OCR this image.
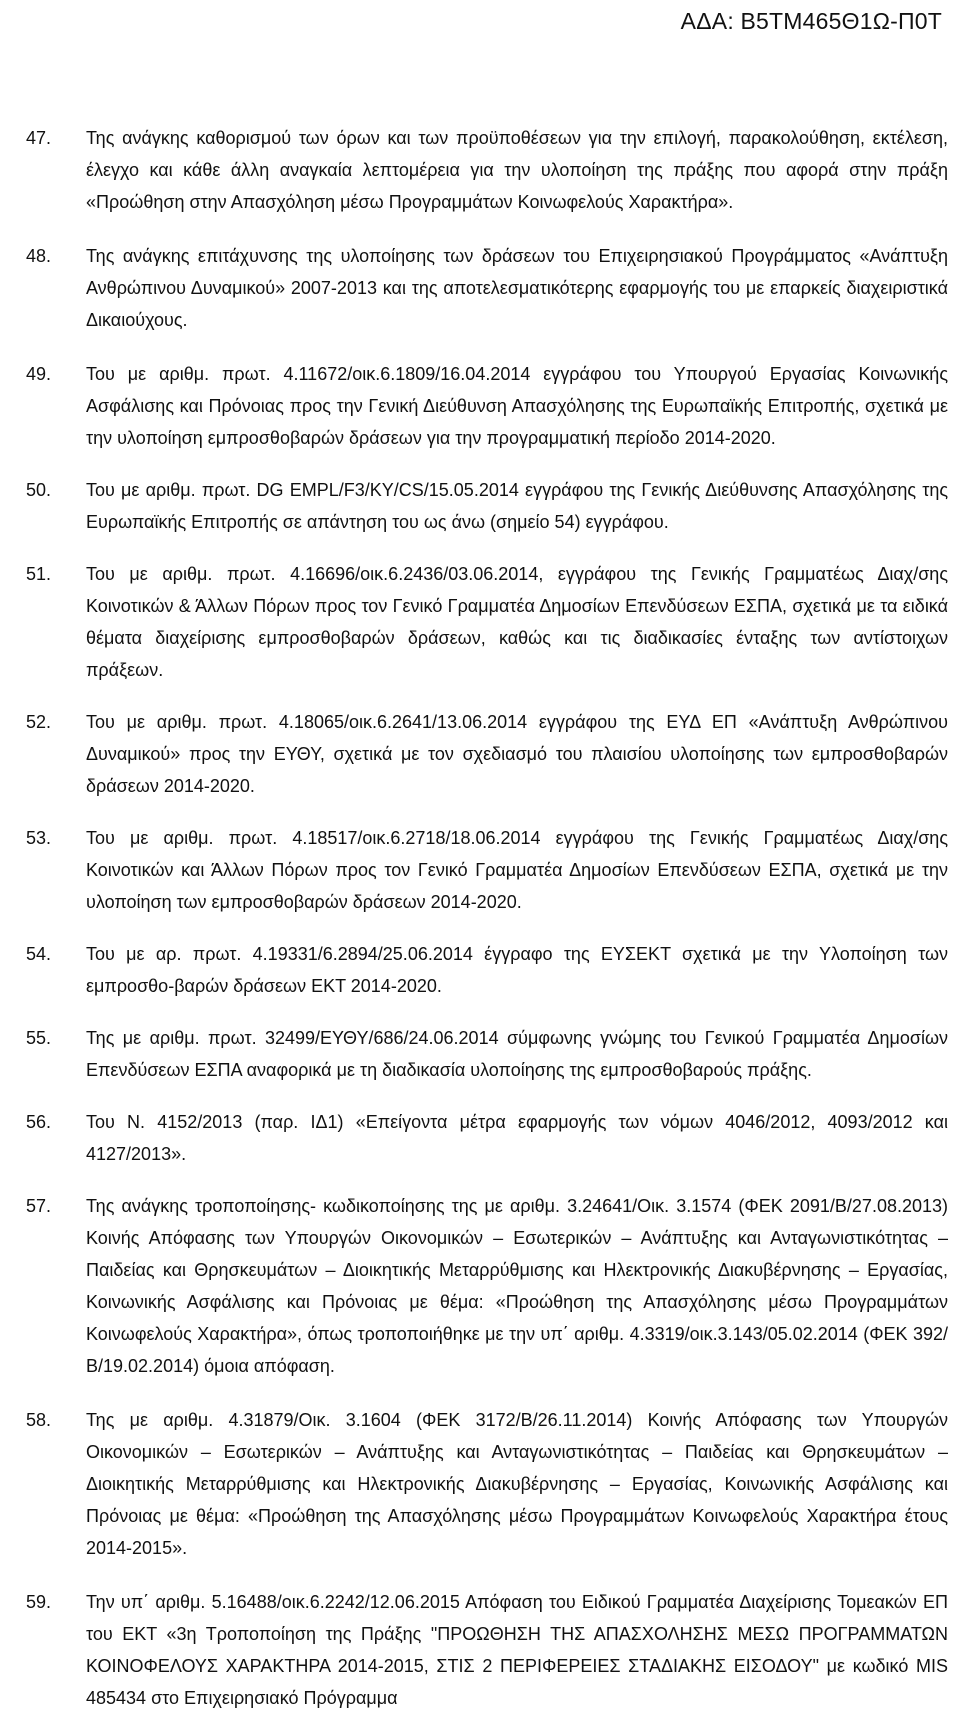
ΑΔΑ: Β5ΤΜ465Θ1Ω-Π0Τ
47.	Της ανάγκης καθορισμού των όρων και των προϋποθέσεων για την επιλογή, παρακολούθηση, εκτέλεση, έλεγχο και κάθε άλλη αναγκαία λεπτομέρεια για την υλοποίηση της πράξης που αφορά στην πράξη «Προώθηση στην Απασχόληση μέσω Προγραμμάτων Κοινωφελούς Χαρακτήρα».
48.	Της ανάγκης επιτάχυνσης της υλοποίησης των δράσεων του Επιχειρησιακού Προγράμματος «Ανάπτυξη Ανθρώπινου Δυναμικού» 2007-2013 και της αποτελεσματικότερης εφαρμογής του με επαρκείς διαχειριστικά Δικαιούχους.
49.	Του με αριθμ. πρωτ. 4.11672/οικ.6.1809/16.04.2014 εγγράφου του Υπουργού Εργασίας Κοινωνικής Ασφάλισης και Πρόνοιας προς την Γενική Διεύθυνση Απασχόλησης της Ευρωπαϊκής Επιτροπής, σχετικά με την υλοποίηση εμπροσθοβαρών δράσεων για την προγραμματική περίοδο 2014-2020.
50.	Του με αριθμ. πρωτ. DG EMPL/F3/KY/CS/15.05.2014 εγγράφου της Γενικής Διεύθυνσης Απασχόλησης της Ευρωπαϊκής Επιτροπής σε απάντηση του ως άνω (σημείο 54) εγγράφου.
51.	Του με αριθμ. πρωτ. 4.16696/οικ.6.2436/03.06.2014, εγγράφου της Γενικής Γραμματέως Διαχ/σης Κοινοτικών & Άλλων Πόρων προς τον Γενικό Γραμματέα Δημοσίων Επενδύσεων ΕΣΠΑ, σχετικά με τα ειδικά θέματα διαχείρισης εμπροσθοβαρών δράσεων, καθώς και τις διαδικασίες ένταξης των αντίστοιχων πράξεων.
52.	Του με αριθμ. πρωτ. 4.18065/οικ.6.2641/13.06.2014 εγγράφου της ΕΥΔ ΕΠ «Ανάπτυξη Ανθρώπινου Δυναμικού» προς την ΕΥΘΥ, σχετικά με τον σχεδιασμό του πλαισίου υλοποίησης των εμπροσθοβαρών δράσεων 2014-2020.
53.	Του με αριθμ. πρωτ. 4.18517/οικ.6.2718/18.06.2014 εγγράφου της Γενικής Γραμματέως Διαχ/σης Κοινοτικών και Άλλων Πόρων προς τον Γενικό Γραμματέα Δημοσίων Επενδύσεων ΕΣΠΑ, σχετικά με την υλοποίηση των εμπροσθοβαρών δράσεων 2014-2020.
54.	Του με αρ. πρωτ. 4.19331/6.2894/25.06.2014 έγγραφο της ΕΥΣΕΚΤ σχετικά με την Υλοποίηση των εμπροσθο-βαρών δράσεων ΕΚΤ 2014-2020.
55.	Της με αριθμ. πρωτ. 32499/ΕΥΘΥ/686/24.06.2014 σύμφωνης γνώμης του Γενικού Γραμματέα Δημοσίων Επενδύσεων ΕΣΠΑ αναφορικά με τη διαδικασία υλοποίησης της εμπροσθοβαρούς πράξης.
56.	Του Ν. 4152/2013 (παρ. ΙΔ1) «Επείγοντα μέτρα εφαρμογής των νόμων 4046/2012, 4093/2012 και 4127/2013».
57.	Της ανάγκης τροποποίησης- κωδικοποίησης της με αριθμ. 3.24641/Οικ. 3.1574 (ΦΕΚ 2091/Β/27.08.2013) Κοινής Απόφασης των Υπουργών Οικονομικών – Εσωτερικών – Ανάπτυξης και Ανταγωνιστικότητας – Παιδείας και Θρησκευμάτων – Διοικητικής Μεταρρύθμισης και Ηλεκτρονικής Διακυβέρνησης – Εργασίας, Κοινωνικής Ασφάλισης και Πρόνοιας με θέμα: «Προώθηση της Απασχόλησης μέσω Προγραμμάτων Κοινωφελούς Χαρακτήρα», όπως τροποποιήθηκε με την υπ΄ αριθμ. 4.3319/οικ.3.143/05.02.2014 (ΦΕΚ 392/Β/19.02.2014) όμοια απόφαση.
58.	Της με αριθμ. 4.31879/Οικ. 3.1604 (ΦΕΚ 3172/Β/26.11.2014) Κοινής Απόφασης των Υπουργών Οικονομικών – Εσωτερικών – Ανάπτυξης και Ανταγωνιστικότητας – Παιδείας και Θρησκευμάτων – Διοικητικής Μεταρρύθμισης και Ηλεκτρονικής Διακυβέρνησης – Εργασίας, Κοινωνικής Ασφάλισης και Πρόνοιας με θέμα: «Προώθηση της Απασχόλησης μέσω Προγραμμάτων Κοινωφελούς Χαρακτήρα έτους 2014-2015».
59.	Την υπ΄ αριθμ. 5.16488/οικ.6.2242/12.06.2015 Απόφαση του Ειδικού Γραμματέα Διαχείρισης Τομεακών ΕΠ του ΕΚΤ «3η Τροποποίηση της Πράξης "ΠΡΟΩΘΗΣΗ ΤΗΣ ΑΠΑΣΧΟΛΗΣΗΣ ΜΕΣΩ ΠΡΟΓΡΑΜΜΑΤΩΝ ΚΟΙΝΟΦΕΛΟΥΣ ΧΑΡΑΚΤΗΡΑ 2014-2015, ΣΤΙΣ 2 ΠΕΡΙΦΕΡΕΙΕΣ ΣΤΑΔΙΑΚΗΣ ΕΙΣΟΔΟΥ" με κωδικό MIS 485434 στο Επιχειρησιακό Πρόγραμμα
